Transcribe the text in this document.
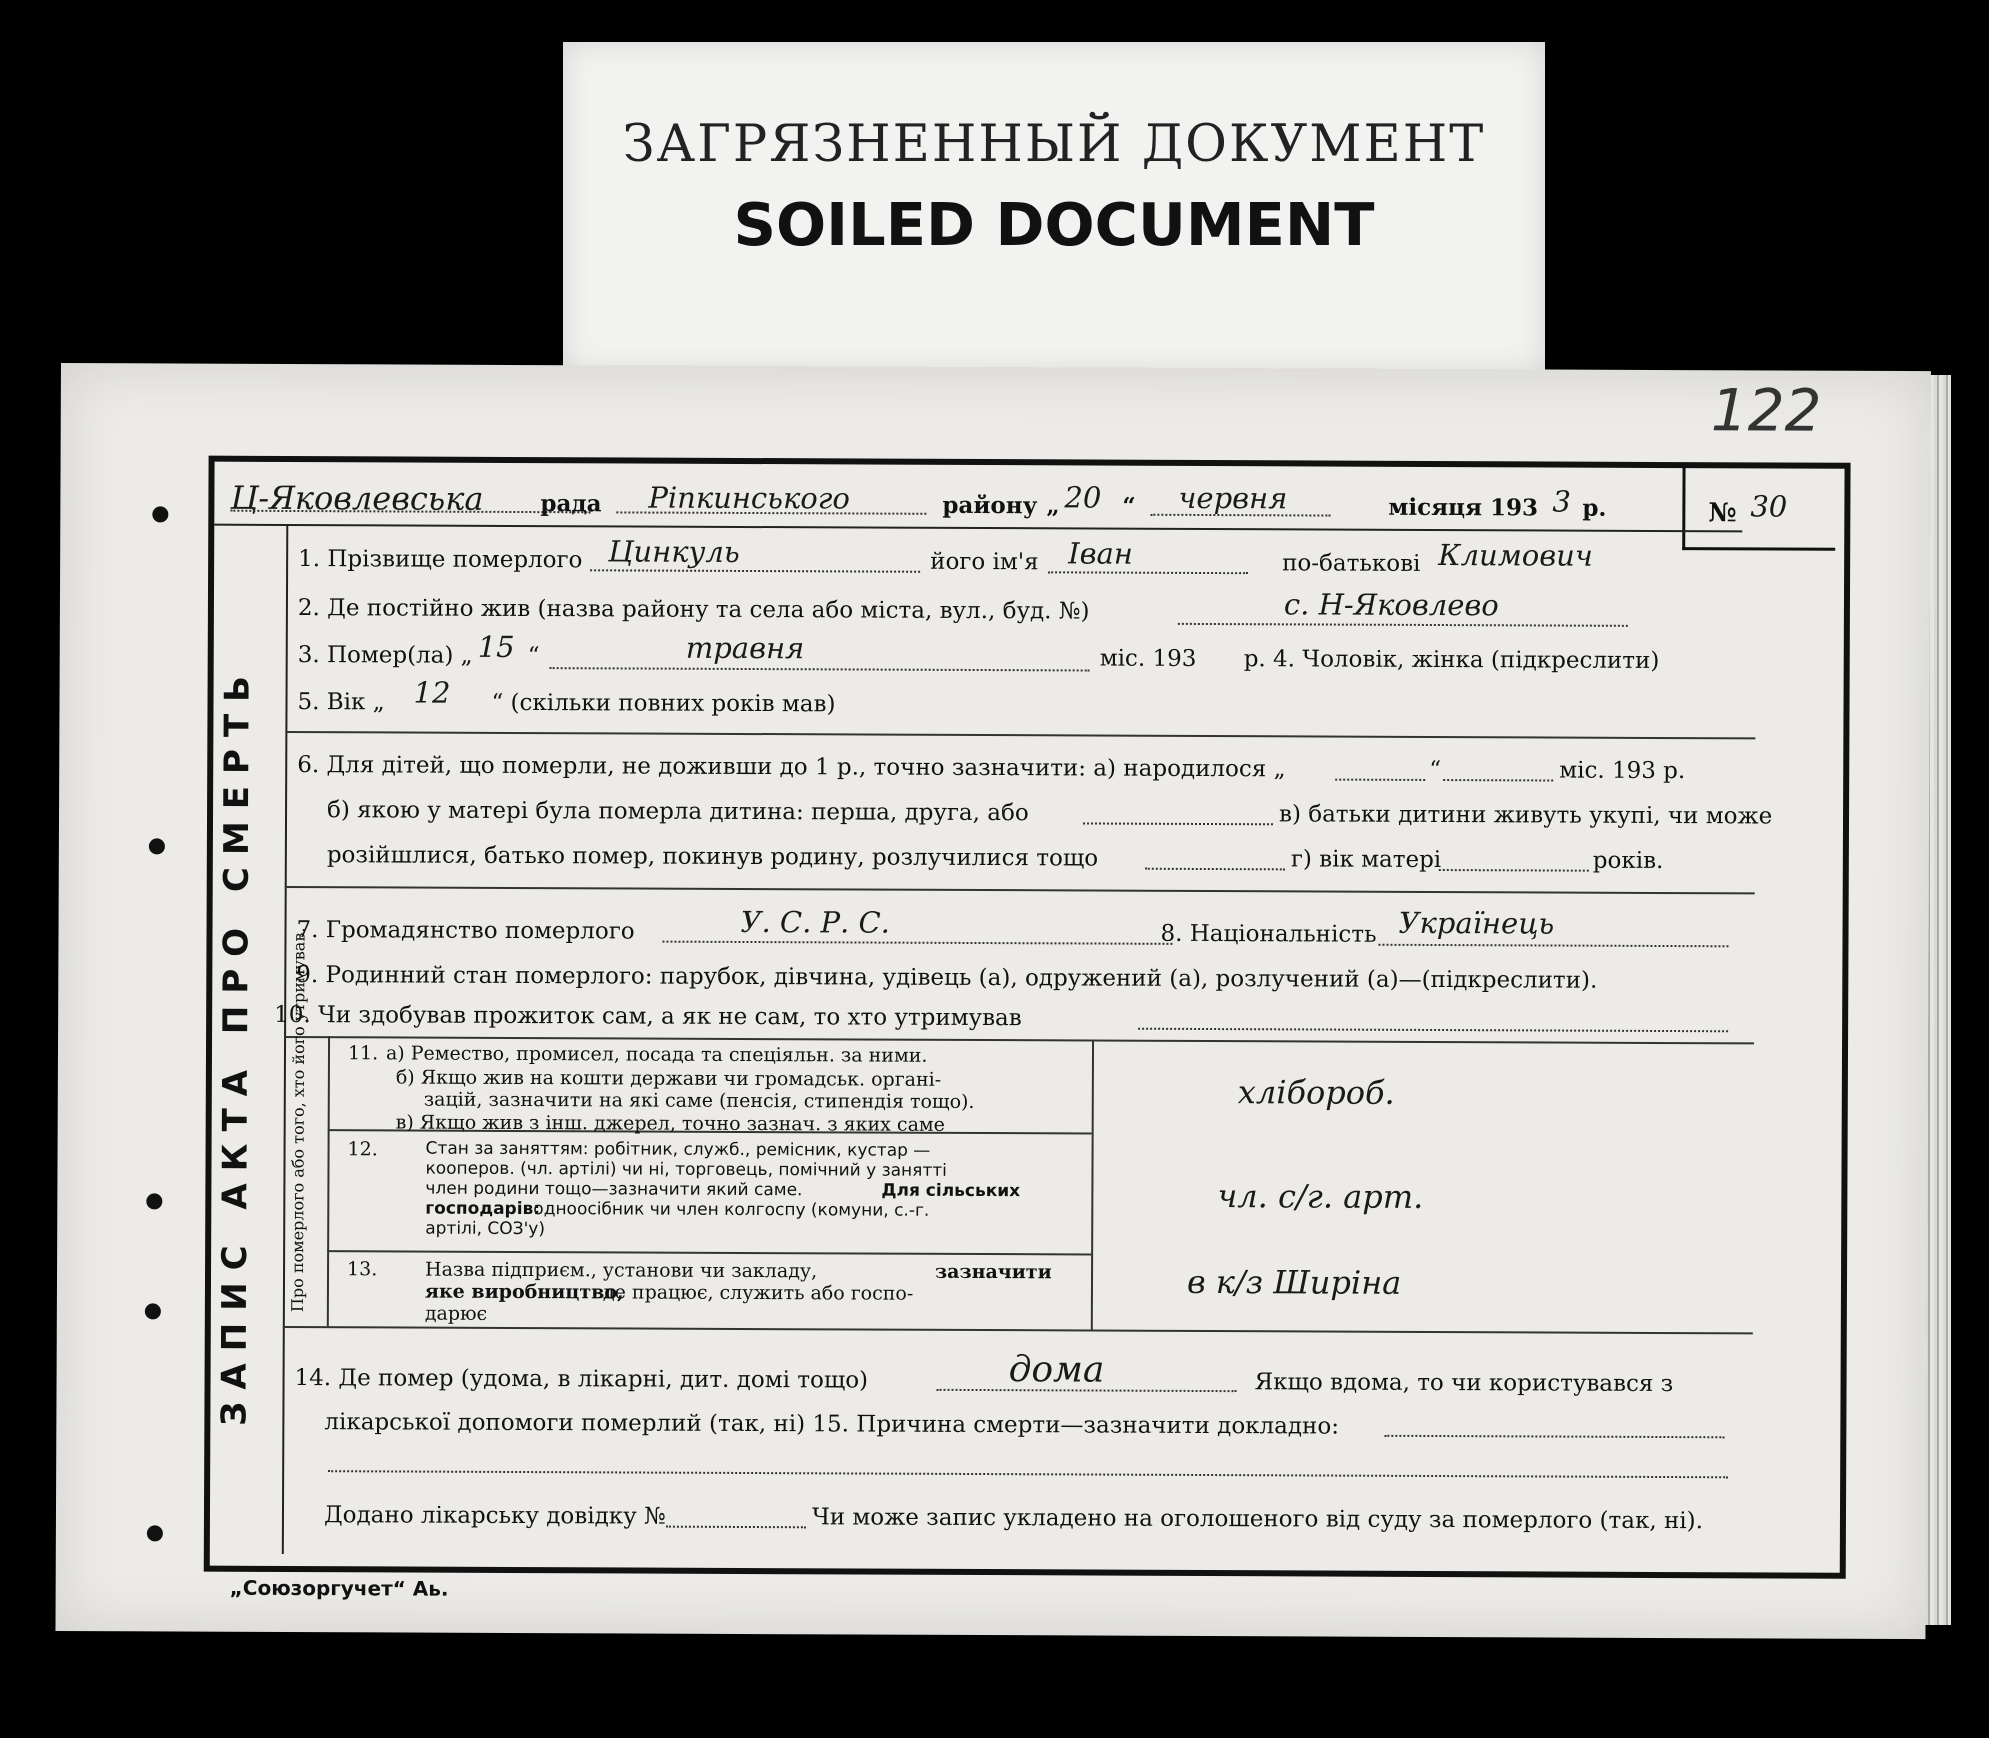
ЗАГРЯЗНЕННЫЙ ДОКУМЕНТ
SOILED DOCUMENT
122
ЗАПИС АКТА ПРО СМЕРТЬ
Ц-Яковлевська рада Ріпкинського	району „ 20 “ червня	місяця 193 3 р.	№ 30
1. Прізвище померлого Цинкуль	його ім'я Іван	по-батькові Климович
2. Де постійно жив (назва району та села або міста, вул., буд. №)	с. Н-Яковлево
3. Помер(ла) „ 15 “	травня	міс. 193 р. 4. Чоловік, жінка (підкреслити)
5. Вік „ 12 “ (скільки повних років мав)
6. Для дітей, що померли, не доживши до 1 р., точно зазначити: а) народилося „	“	міс. 193 р.
б) якою у матері була померла дитина: перша, друга, або	в) батьки дитини живуть укупі, чи може
розійшлися, батько помер, покинув родину, розлучилися тощо	г) вік матері	років.
7. Громадянство померлого	У. С. Р. С.	8. Національність Українець
9. Родинний стан померлого: парубок, дівчина, удівець (а), одружений (а), розлучений (а)—(підкреслити).
10. Чи здобував прожиток сам, а як не сам, то хто утримував
Про померлого або того, хто його утримував. 11. а) Ремество, промисел, посада та спеціяльн. за ними.
б) Якщо жив на кошти держави чи громадськ. органі-
зацій, зазначити на які саме (пенсія, стипендія тощо).
в) Якщо жив з інш. джерел, точно зазнач. з яких саме
хлібороб.
12.	Стан за заняттям: робітник, служб., ремісник, кустар —
кооперов. (чл. артілі) чи ні, торговець, помічний у занятті
член родини тощо—зазначити який саме.	Для сільських
господарів:
одноосібник чи член колгоспу (комуни, с.-г.
артілі, СОЗ'у)
чл. с/г. арт.
13.	Назва підприєм., установи чи закладу,	зазначити
яке виробництво,
де працює, служить або госпо-
дарює
в к/з Ширіна
14. Де помер (удома, в лікарні, дит. домі тощо)	дома	Якщо вдома, то чи користувався з
лікарської допомоги померлий (так, ні) 15. Причина смерти—зазначити докладно:
Додано лікарську довідку №	Чи може запис укладено на оголошеного від суду за померлого (так, ні).
„Союзоргучет“ Аь.
